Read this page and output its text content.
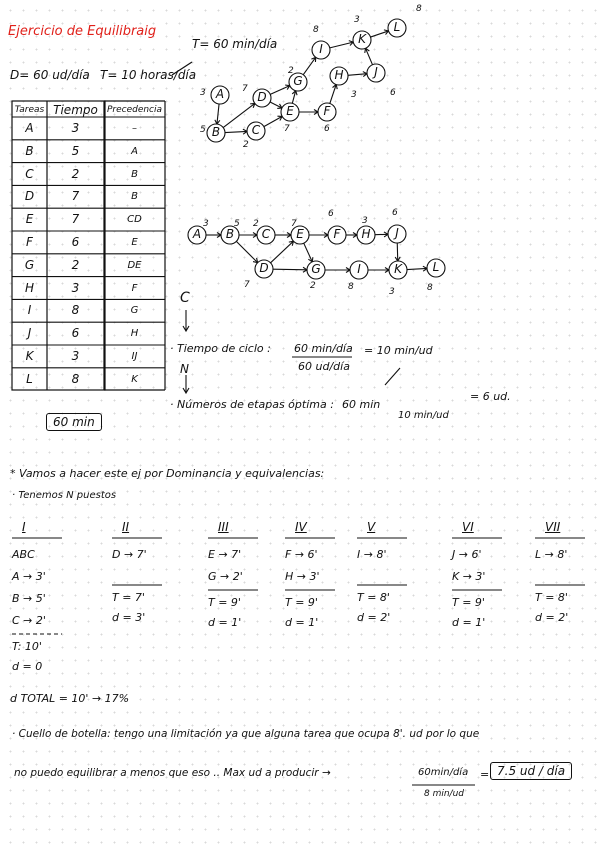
Ejercicio de Equilibraig
D= 60 ud/día T= 10 horas/día
T= 60 min/día
Tareas Tiempo	Precedencia
A	3	–
B	5	A
C	2	B
D	7	B
E	7	CD
F	6	E
G	2	DE
H	3	F
I	8	G
J	6	H
K	3	IJ
L	8	K
60 min
A
3
B
5	C
2
D
7
E
7
F
6
G
2	H
3
J
6
I
8
K
3	L
8
A
3
B
5
C
2
E
7
F
6
H
3
J
6
D
7
G
2
I
8
K
3
L
8
C
· Tiempo de ciclo : 60 min/día
60 ud/día
= 10 min/ud
N
· Números de etapas óptima : 60 min
10 min/ud
= 6 ud.
* Vamos a hacer este ej por Dominancia y equivalencias:
· Tenemos N puestos
I
ABC
A → 3'
B → 5'
C → 2'
T: 10'
d = 0
II
D → 7'
T = 7'
d = 3'
III
E → 7'
G → 2'
T = 9'
d = 1'
IV
F → 6'
H → 3'
T = 9'
d = 1'
V
I → 8'
T = 8'
d = 2'
VI
J → 6'
K → 3'
T = 9'
d = 1'
VII
L → 8'
T = 8'
d = 2'
d TOTAL = 10' → 17%
· Cuello de botella: tengo una limitación ya que alguna tarea que ocupa 8'. ud por lo que
no puedo equilibrar a menos que eso .. Max ud a producir →	60min/día
8 min/ud
= 7.5 ud / día
